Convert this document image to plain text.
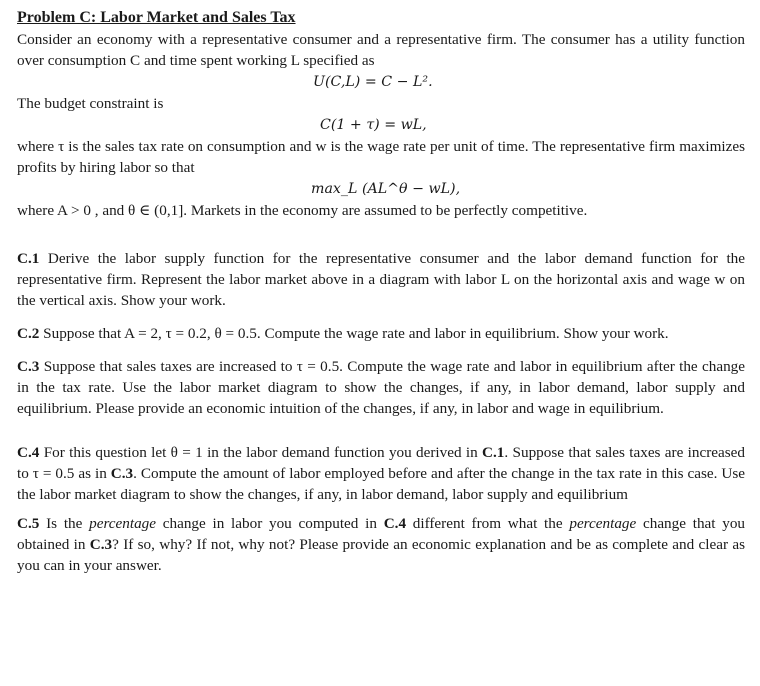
Problem C: Labor Market and Sales Tax

Consider an economy with a representative consumer and a representative firm. The consumer has a utility function over consumption C and time spent working L specified as

U(C,L) = C − L².

The budget constraint is

C(1 + τ) = wL,

where τ is the sales tax rate on consumption and w is the wage rate per unit of time. The representative firm maximizes profits by hiring labor so that

max_L (AL^θ − wL),

where A > 0 , and θ ∈ (0,1]. Markets in the economy are assumed to be perfectly competitive.

C.1 Derive the labor supply function for the representative consumer and the labor demand function for the representative firm. Represent the labor market above in a diagram with labor L on the horizontal axis and wage w on the vertical axis. Show your work.

C.2 Suppose that A = 2, τ = 0.2, θ = 0.5. Compute the wage rate and labor in equilibrium. Show your work.

C.3 Suppose that sales taxes are increased to τ = 0.5. Compute the wage rate and labor in equilibrium after the change in the tax rate. Use the labor market diagram to show the changes, if any, in labor demand, labor supply and equilibrium. Please provide an economic intuition of the changes, if any, in labor and wage in equilibrium.

C.4 For this question let θ = 1 in the labor demand function you derived in C.1. Suppose that sales taxes are increased to τ = 0.5 as in C.3. Compute the amount of labor employed before and after the change in the tax rate in this case. Use the labor market diagram to show the changes, if any, in labor demand, labor supply and equilibrium

C.5 Is the percentage change in labor you computed in C.4 different from what the percentage change that you obtained in C.3? If so, why? If not, why not? Please provide an economic explanation and be as complete and clear as you can in your answer.
